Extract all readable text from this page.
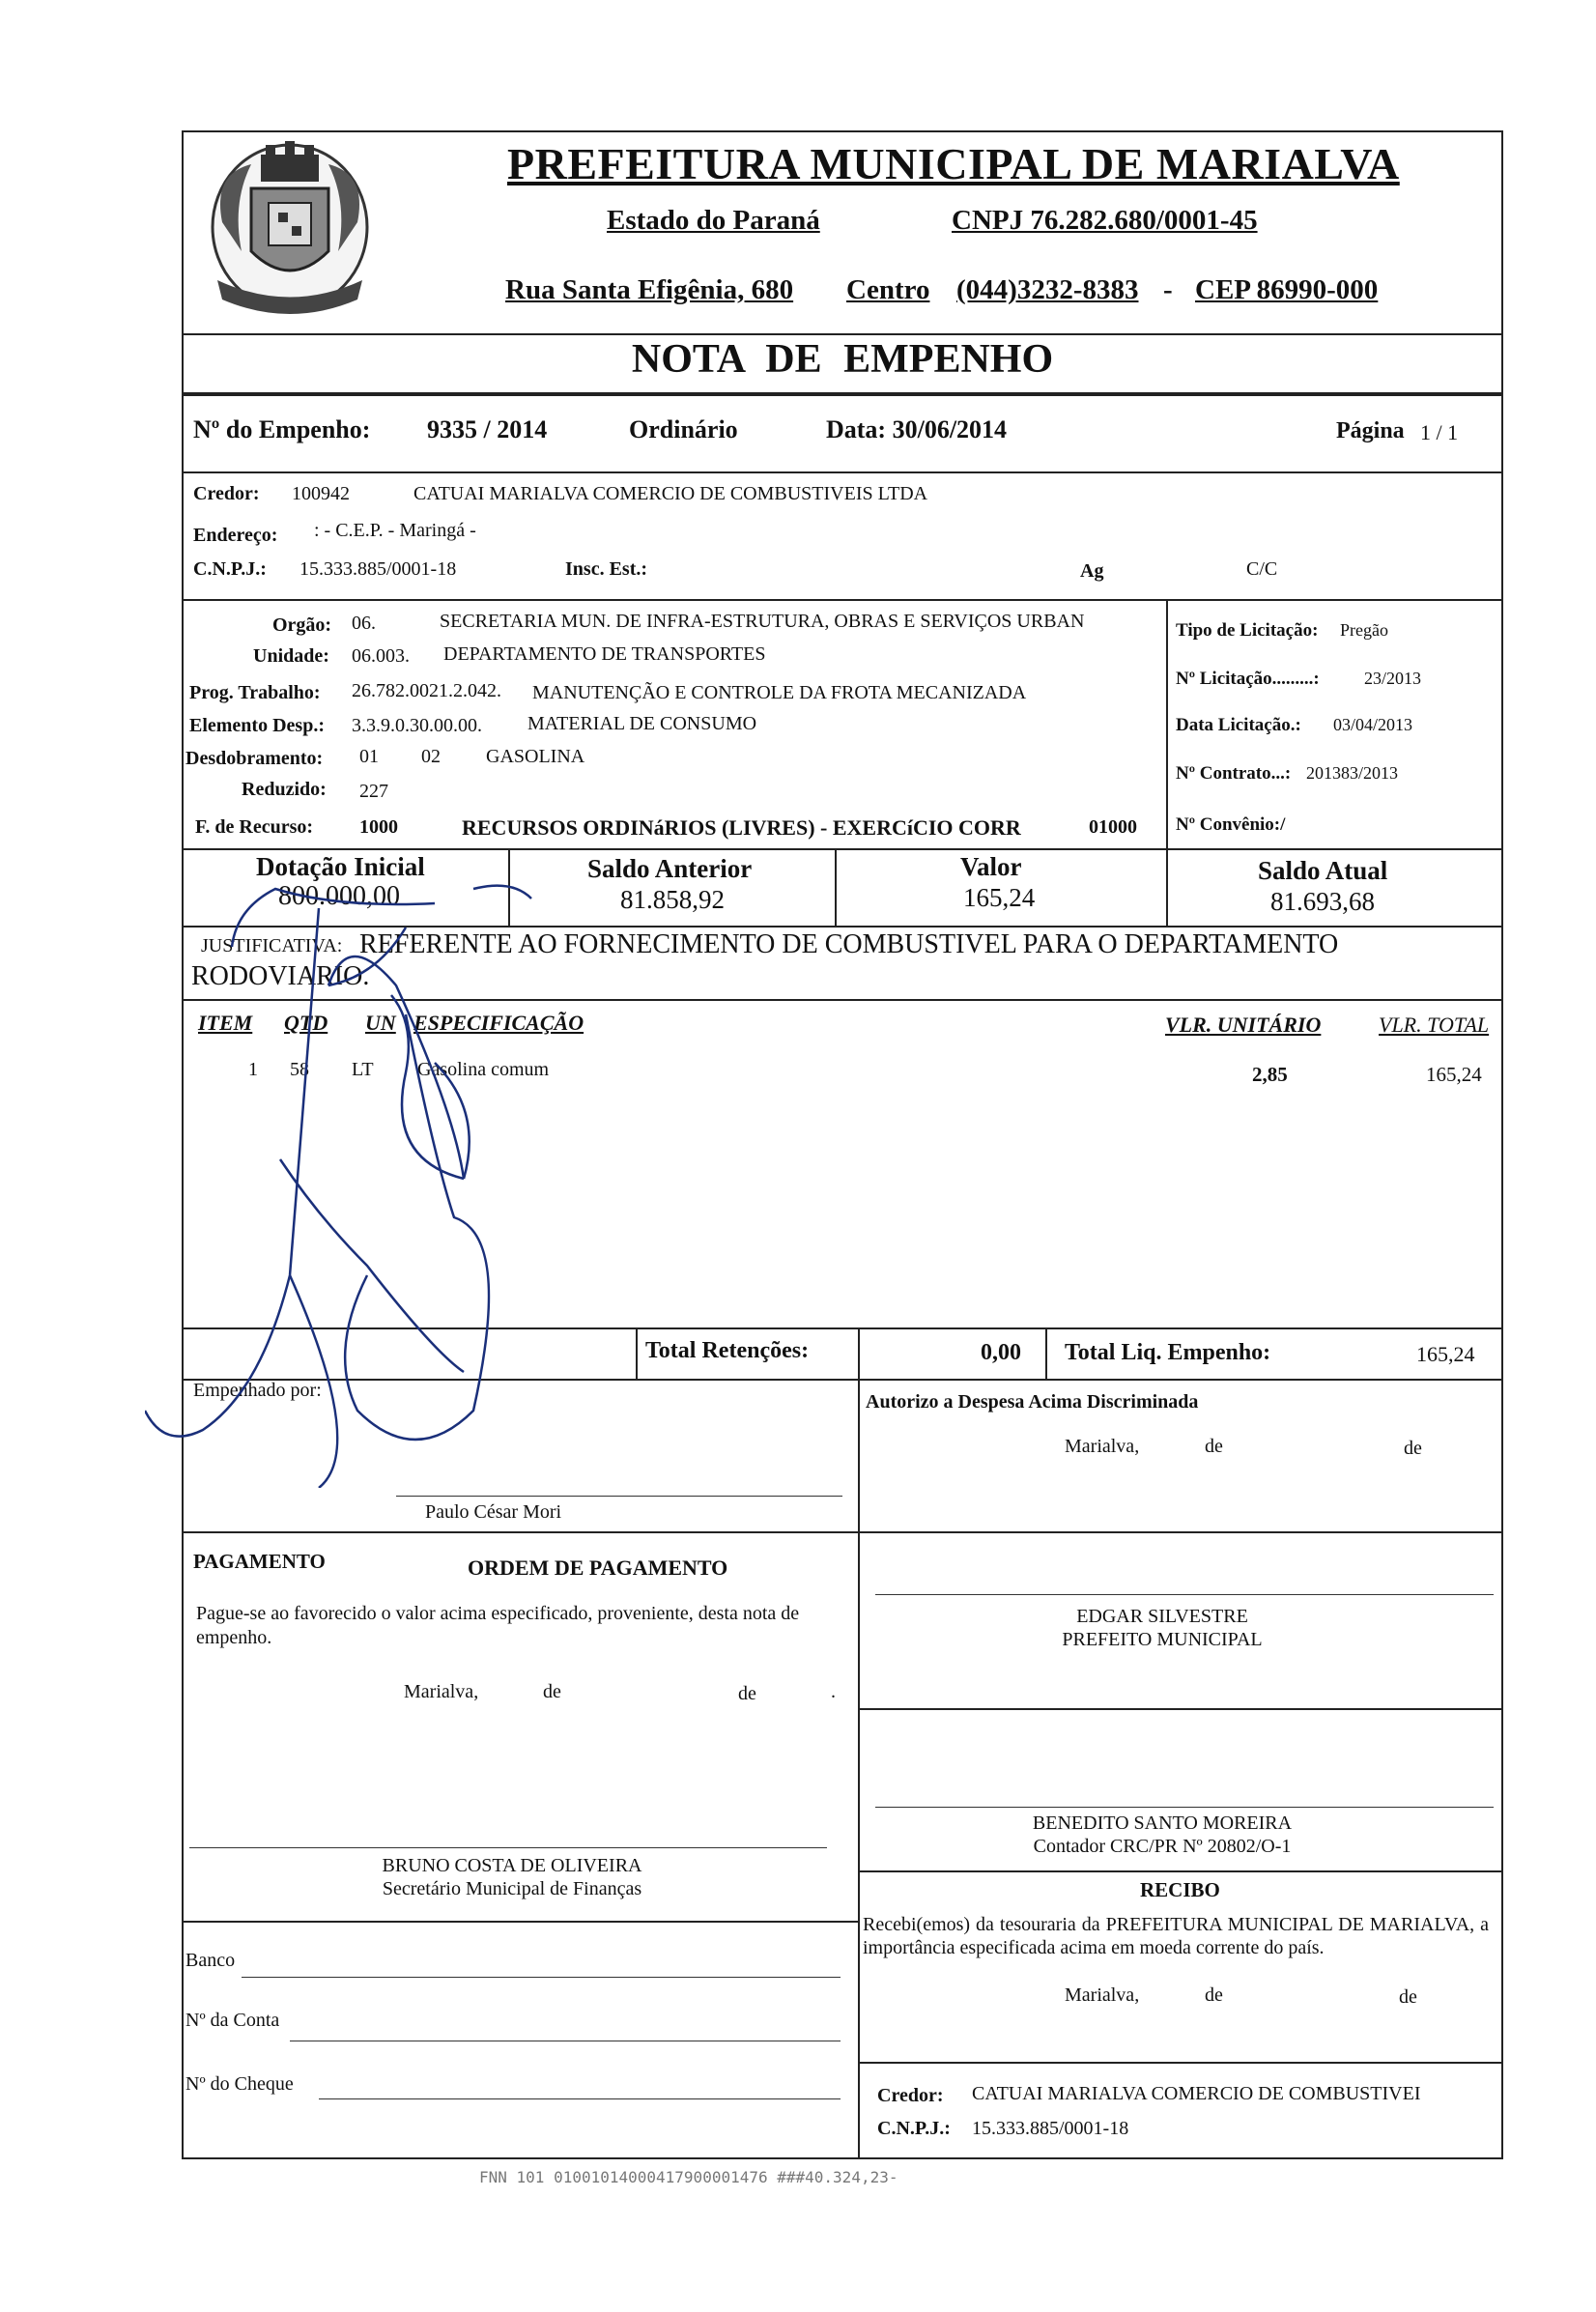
PREFEITURA MUNICIPAL DE MARIALVA
Estado do Paraná	CNPJ 76.282.680/0001-45
Rua Santa Efigênia, 680 Centro (044)3232-8383 - CEP 86990-000
NOTA DE EMPENHO
Nº do Empenho: 9335 / 2014	Ordinário	Data: 30/06/2014	Página 1 / 1
Credor: 100942	CATUAI MARIALVA COMERCIO DE COMBUSTIVEIS LTDA
Endereço: : - C.E.P. - Maringá -
C.N.P.J.: 15.333.885/0001-18	Insc. Est.:	Ag	C/C
Orgão: 06.	SECRETARIA MUN. DE INFRA-ESTRUTURA, OBRAS E SERVIÇOS URBAN
Unidade: 06.003. DEPARTAMENTO DE TRANSPORTES
Prog. Trabalho: 26.782.0021.2.042. MANUTENÇÃO E CONTROLE DA FROTA MECANIZADA
Elemento Desp.: 3.3.9.0.30.00.00. MATERIAL DE CONSUMO
Desdobramento: 01 02 GASOLINA
Reduzido: 227
F. de Recurso: 1000	RECURSOS ORDINáRIOS (LIVRES) - EXERCíCIO CORR	01000
Tipo de Licitação: Pregão
Nº Licitação.........:	23/2013
Data Licitação.: 03/04/2013
Nº Contrato...: 201383/2013
Nº Convênio:/
Dotação Inicial
800.000,00
Saldo Anterior
81.858,92
Valor
165,24
Saldo Atual
81.693,68
JUSTIFICATIVA: REFERENTE AO FORNECIMENTO DE COMBUSTIVEL PARA O DEPARTAMENTO
RODOVIARIO.
ITEM QTD UN ESPECIFICAÇÃO	VLR. UNITÁRIO	VLR. TOTAL
1 58 LT Gasolina comum	2,85	165,24
Total Retenções:	0,00 Total Liq. Empenho:	165,24
Empenhado por:
Paulo César Mori
Autorizo a Despesa Acima Discriminada
Marialva,	de	de
PAGAMENTO	ORDEM DE PAGAMENTO
Pague-se ao favorecido o valor acima especificado, proveniente, desta nota de empenho.
Marialva,	de	de	.
EDGAR SILVESTRE
PREFEITO MUNICIPAL
BENEDITO SANTO MOREIRA
Contador CRC/PR Nº 20802/O-1
BRUNO COSTA DE OLIVEIRA
Secretário Municipal de Finanças	RECIBO
Recebi(emos) da tesouraria da PREFEITURA MUNICIPAL DE MARIALVA, a importância especificada acima em moeda corrente do país.
Marialva,	de	de
Banco
Nº da Conta
Nº do Cheque
Credor: CATUAI MARIALVA COMERCIO DE COMBUSTIVEI
C.N.P.J.: 15.333.885/0001-18
FNN 101 01001014000417900001476 ###40.324,23-
